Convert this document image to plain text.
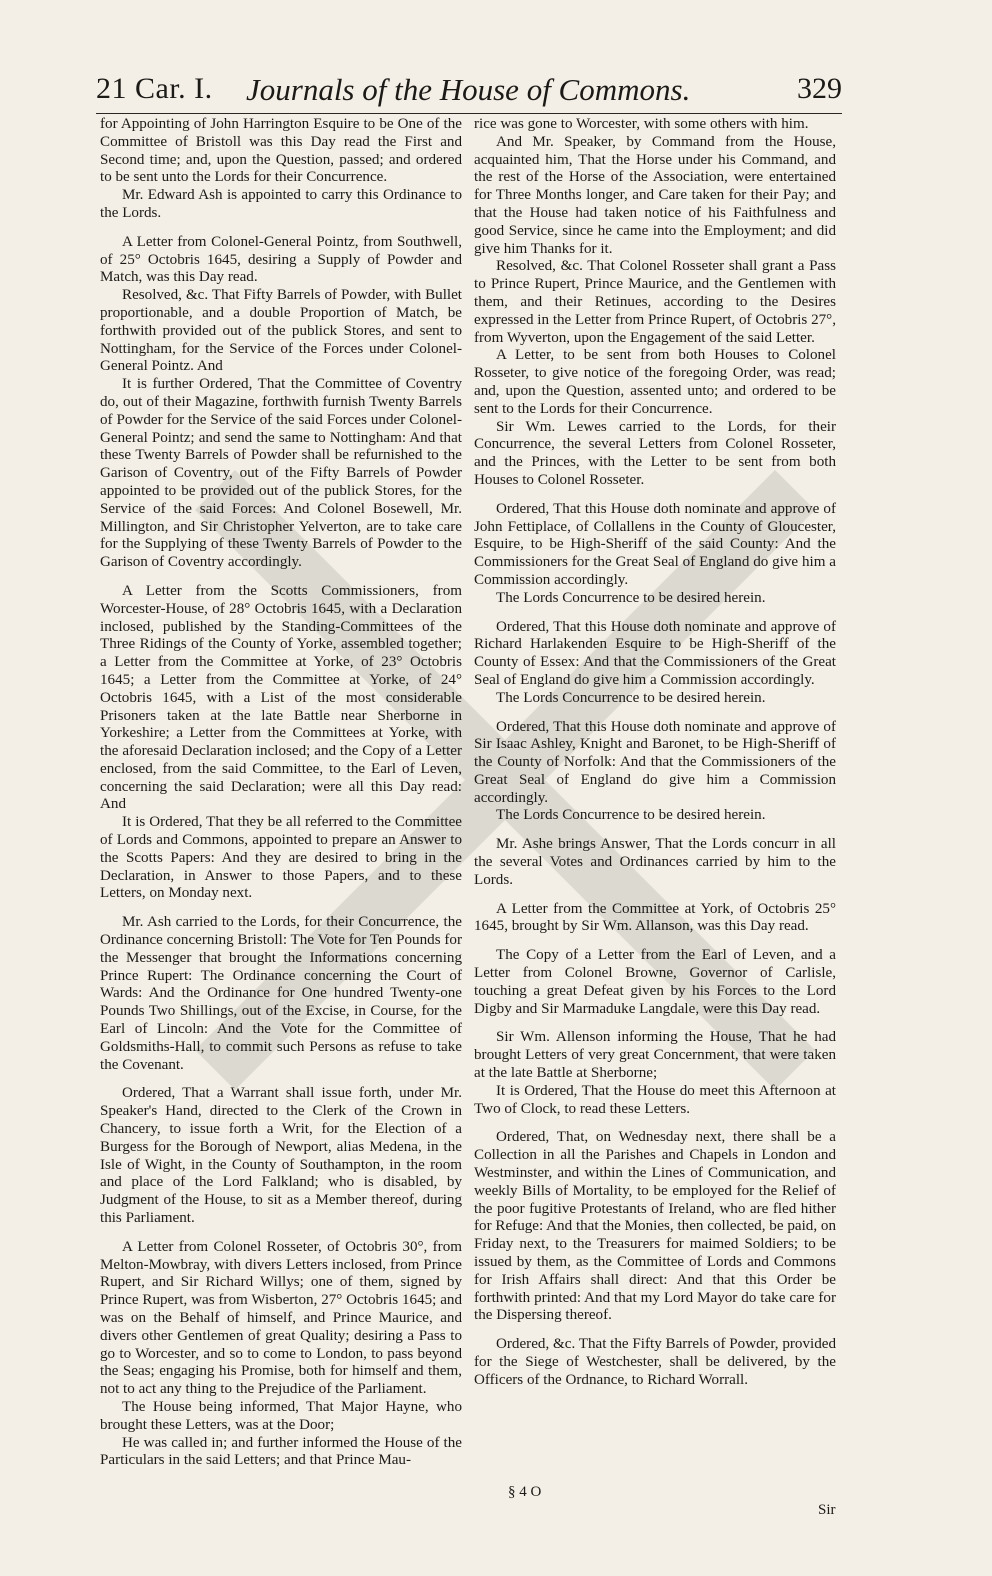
21 Car. I. Journals of the House of Commons.	329

for Appointing of John Harrington Esquire to be One of the Committee of Bristoll was this Day read the First and Second time; and, upon the Question, passed; and ordered to be sent unto the Lords for their Concurrence.

Mr. Edward Ash is appointed to carry this Ordinance to the Lords.

A Letter from Colonel-General Pointz, from Southwell, of 25° Octobris 1645, desiring a Supply of Powder and Match, was this Day read.

Resolved, &c. That Fifty Barrels of Powder, with Bullet proportionable, and a double Proportion of Match, be forthwith provided out of the publick Stores, and sent to Nottingham, for the Service of the Forces under Colonel-General Pointz. And

It is further Ordered, That the Committee of Coventry do, out of their Magazine, forthwith furnish Twenty Barrels of Powder for the Service of the said Forces under Colonel-General Pointz; and send the same to Nottingham: And that these Twenty Barrels of Powder shall be refurnished to the Garison of Coventry, out of the Fifty Barrels of Powder appointed to be provided out of the publick Stores, for the Service of the said Forces: And Colonel Bosewell, Mr. Millington, and Sir Christopher Yelverton, are to take care for the Supplying of these Twenty Barrels of Powder to the Garison of Coventry accordingly.

A Letter from the Scotts Commissioners, from Worcester-House, of 28° Octobris 1645, with a Declaration inclosed, published by the Standing-Committees of the Three Ridings of the County of Yorke, assembled together; a Letter from the Committee at Yorke, of 23° Octobris 1645; a Letter from the Committee at Yorke, of 24° Octobris 1645, with a List of the most considerable Prisoners taken at the late Battle near Sherborne in Yorkeshire; a Letter from the Committees at Yorke, with the aforesaid Declaration inclosed; and the Copy of a Letter enclosed, from the said Committee, to the Earl of Leven, concerning the said Declaration; were all this Day read: And

It is Ordered, That they be all referred to the Committee of Lords and Commons, appointed to prepare an Answer to the Scotts Papers: And they are desired to bring in the Declaration, in Answer to those Papers, and to these Letters, on Monday next.

Mr. Ash carried to the Lords, for their Concurrence, the Ordinance concerning Bristoll: The Vote for Ten Pounds for the Messenger that brought the Informations concerning Prince Rupert: The Ordinance concerning the Court of Wards: And the Ordinance for One hundred Twenty-one Pounds Two Shillings, out of the Excise, in Course, for the Earl of Lincoln: And the Vote for the Committee of Goldsmiths-Hall, to commit such Persons as refuse to take the Covenant.

Ordered, That a Warrant shall issue forth, under Mr. Speaker's Hand, directed to the Clerk of the Crown in Chancery, to issue forth a Writ, for the Election of a Burgess for the Borough of Newport, alias Medena, in the Isle of Wight, in the County of Southampton, in the room and place of the Lord Falkland; who is disabled, by Judgment of the House, to sit as a Member thereof, during this Parliament.

A Letter from Colonel Rosseter, of Octobris 30°, from Melton-Mowbray, with divers Letters inclosed, from Prince Rupert, and Sir Richard Willys; one of them, signed by Prince Rupert, was from Wisberton, 27° Octobris 1645; and was on the Behalf of himself, and Prince Maurice, and divers other Gentlemen of great Quality; desiring a Pass to go to Worcester, and so to come to London, to pass beyond the Seas; engaging his Promise, both for himself and them, not to act any thing to the Prejudice of the Parliament.

The House being informed, That Major Hayne, who brought these Letters, was at the Door;

He was called in; and further informed the House of the Particulars in the said Letters; and that Prince Mau-

rice was gone to Worcester, with some others with him.

And Mr. Speaker, by Command from the House, acquainted him, That the Horse under his Command, and the rest of the Horse of the Association, were entertained for Three Months longer, and Care taken for their Pay; and that the House had taken notice of his Faithfulness and good Service, since he came into the Employment; and did give him Thanks for it.

Resolved, &c. That Colonel Rosseter shall grant a Pass to Prince Rupert, Prince Maurice, and the Gentlemen with them, and their Retinues, according to the Desires expressed in the Letter from Prince Rupert, of Octobris 27°, from Wyverton, upon the Engagement of the said Letter.

A Letter, to be sent from both Houses to Colonel Rosseter, to give notice of the foregoing Order, was read; and, upon the Question, assented unto; and ordered to be sent to the Lords for their Concurrence.

Sir Wm. Lewes carried to the Lords, for their Concurrence, the several Letters from Colonel Rosseter, and the Princes, with the Letter to be sent from both Houses to Colonel Rosseter.

Ordered, That this House doth nominate and approve of John Fettiplace, of Collallens in the County of Gloucester, Esquire, to be High-Sheriff of the said County: And the Commissioners for the Great Seal of England do give him a Commission accordingly.

The Lords Concurrence to be desired herein.

Ordered, That this House doth nominate and approve of Richard Harlakenden Esquire to be High-Sheriff of the County of Essex: And that the Commissioners of the Great Seal of England do give him a Commission accordingly.

The Lords Concurrence to be desired herein.

Ordered, That this House doth nominate and approve of Sir Isaac Ashley, Knight and Baronet, to be High-Sheriff of the County of Norfolk: And that the Commissioners of the Great Seal of England do give him a Commission accordingly.

The Lords Concurrence to be desired herein.

Mr. Ashe brings Answer, That the Lords concurr in all the several Votes and Ordinances carried by him to the Lords.

A Letter from the Committee at York, of Octobris 25° 1645, brought by Sir Wm. Allanson, was this Day read.

The Copy of a Letter from the Earl of Leven, and a Letter from Colonel Browne, Governor of Carlisle, touching a great Defeat given by his Forces to the Lord Digby and Sir Marmaduke Langdale, were this Day read.

Sir Wm. Allenson informing the House, That he had brought Letters of very great Concernment, that were taken at the late Battle at Sherborne;

It is Ordered, That the House do meet this Afternoon at Two of Clock, to read these Letters.

Ordered, That, on Wednesday next, there shall be a Collection in all the Parishes and Chapels in London and Westminster, and within the Lines of Communication, and weekly Bills of Mortality, to be employed for the Relief of the poor fugitive Protestants of Ireland, who are fled hither for Refuge: And that the Monies, then collected, be paid, on Friday next, to the Treasurers for maimed Soldiers; to be issued by them, as the Committee of Lords and Commons for Irish Affairs shall direct: And that this Order be forthwith printed: And that my Lord Mayor do take care for the Dispersing thereof.

Ordered, &c. That the Fifty Barrels of Powder, provided for the Siege of Westchester, shall be delivered, by the Officers of the Ordnance, to Richard Worrall.

§ 4 O
Sir
